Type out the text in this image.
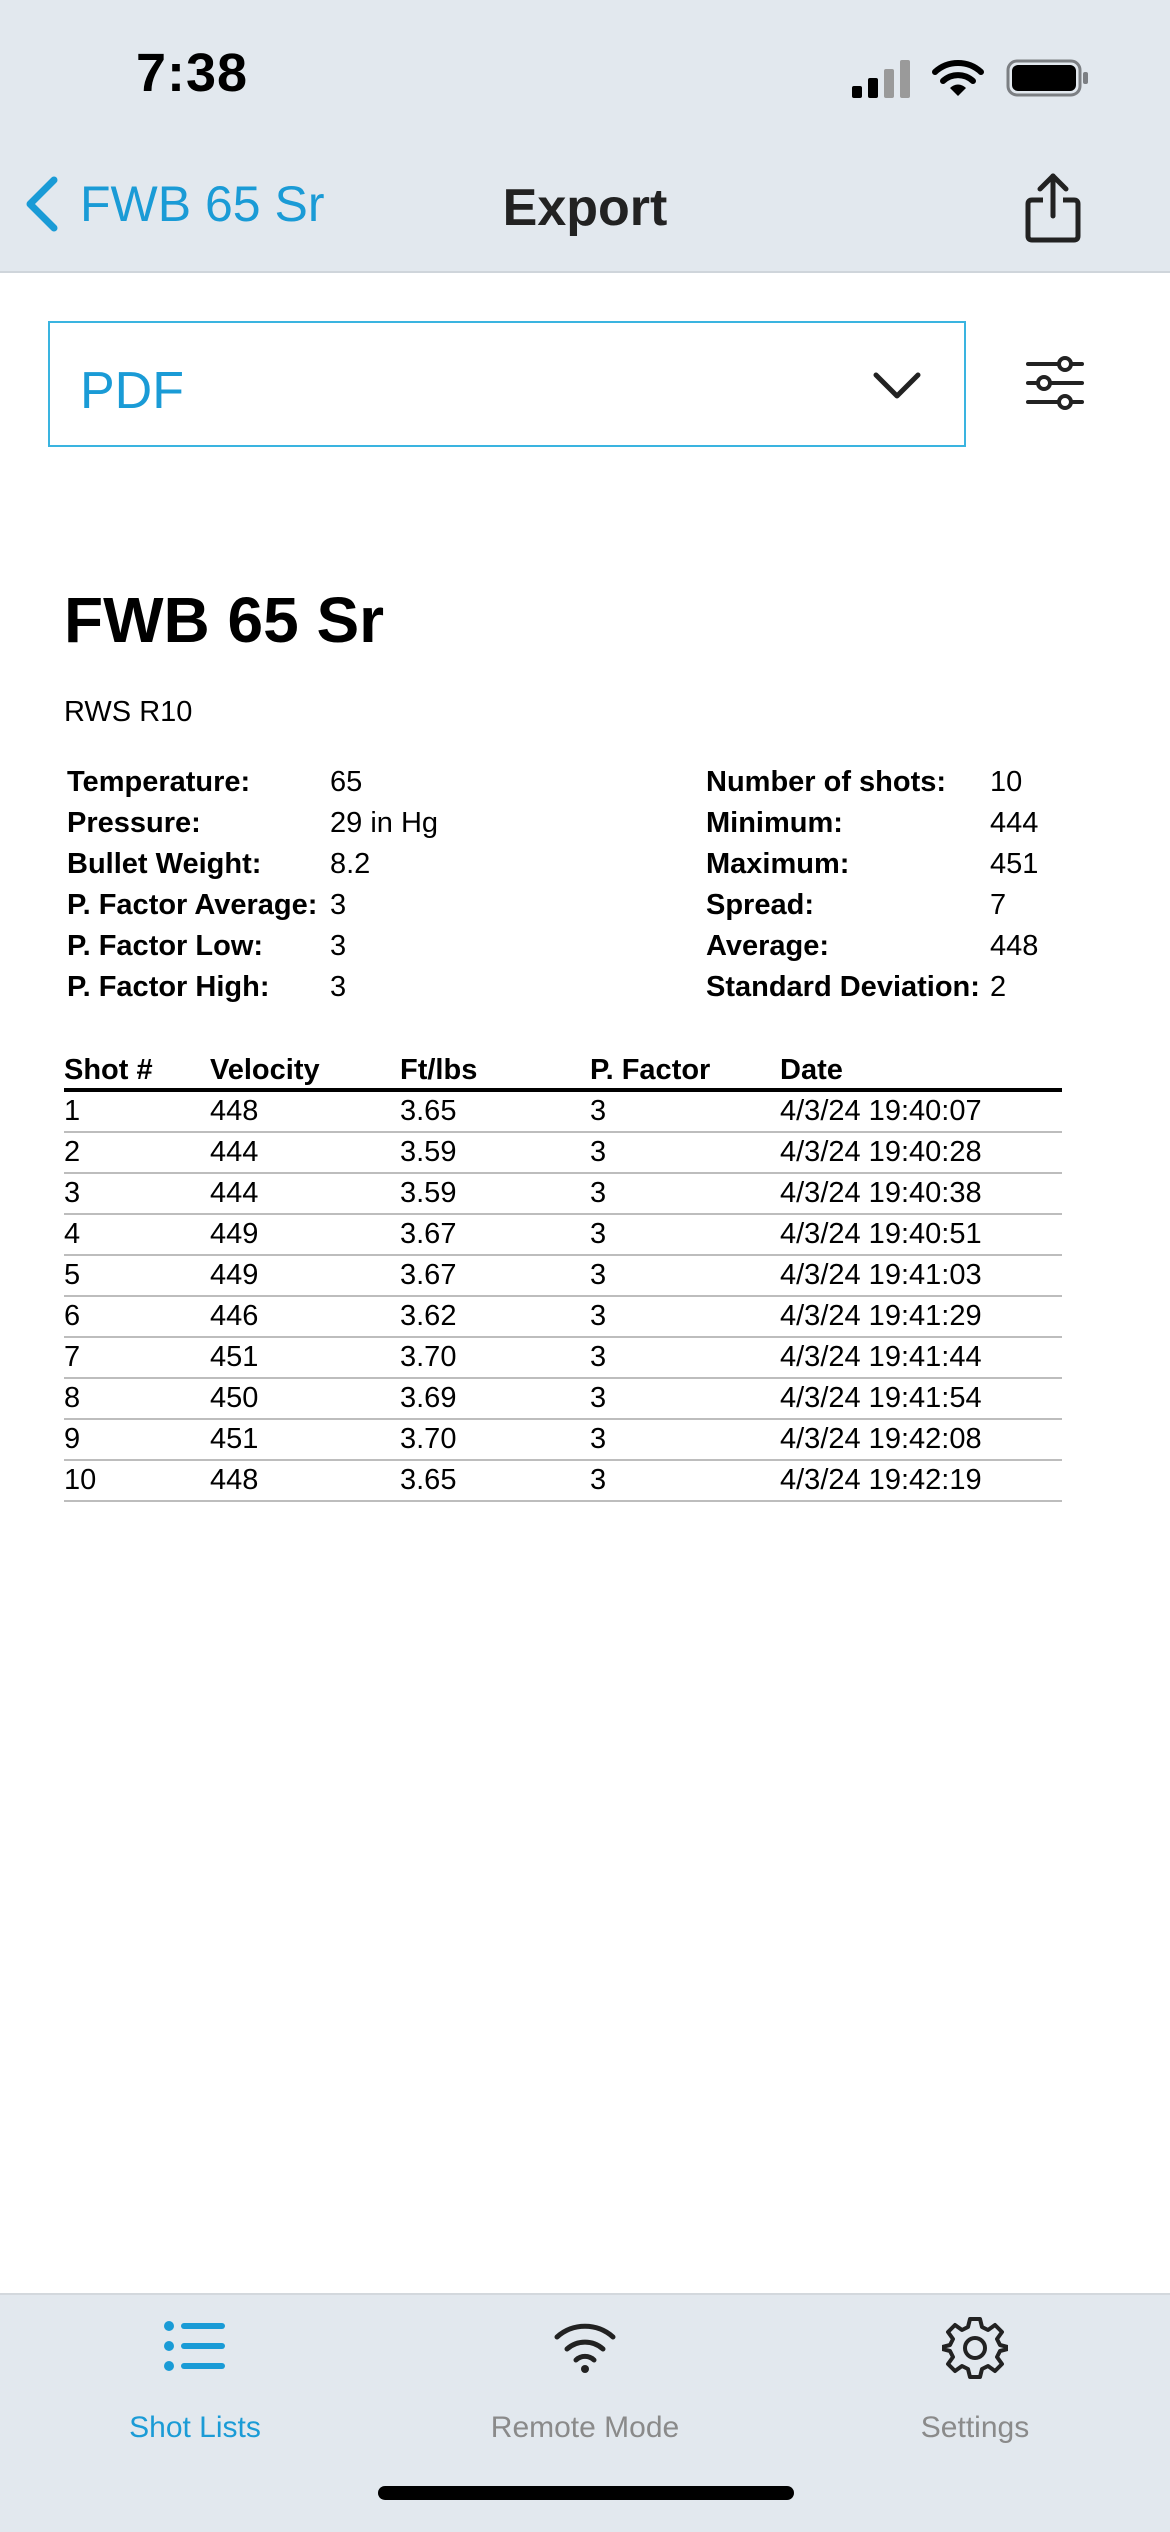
7:38
FWB 65 Sr	Export
PDF
FWB 65 Sr
RWS R10
Temperature:	65
Pressure:	29 in Hg
Bullet Weight:	8.2
P. Factor Average: 3
P. Factor Low:	3
P. Factor High:	3
Number of shots:	10
Minimum:	444
Maximum:	451
Spread:	7
Average:	448
Standard Deviation: 2
Shot #	Velocity	Ft/lbs	P. Factor	Date
1	448	3.65	3	4/3/24 19:40:07
2	444	3.59	3	4/3/24 19:40:28
3	444	3.59	3	4/3/24 19:40:38
4	449	3.67	3	4/3/24 19:40:51
5	449	3.67	3	4/3/24 19:41:03
6	446	3.62	3	4/3/24 19:41:29
7	451	3.70	3	4/3/24 19:41:44
8	450	3.69	3	4/3/24 19:41:54
9	451	3.70	3	4/3/24 19:42:08
10	448	3.65	3	4/3/24 19:42:19
Shot Lists	Remote Mode	Settings
